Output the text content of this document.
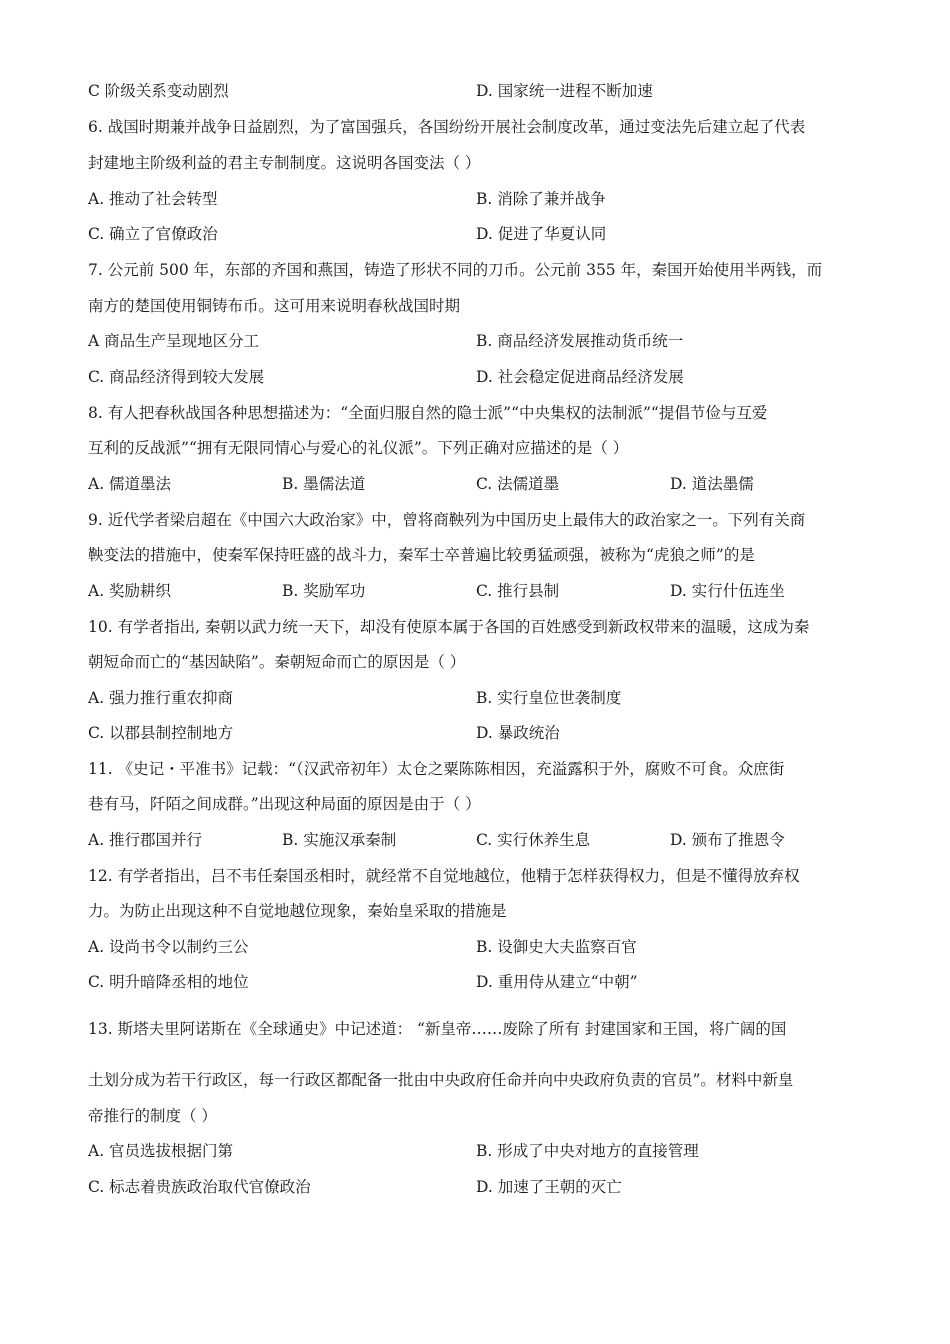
C 阶级关系变动剧烈	D. 国家统一进程不断加速
6. 战国时期兼并战争日益剧烈，为了富国强兵，各国纷纷开展社会制度改革，通过变法先后建立起了代表
封建地主阶级利益的君主专制制度。这说明各国变法（ ）
A. 推动了社会转型	B. 消除了兼并战争
C. 确立了官僚政治	D. 促进了华夏认同
7. 公元前 500 年，东部的齐国和燕国，铸造了形状不同的刀币。公元前 355 年，秦国开始使用半两钱，而
南方的楚国使用铜铸布币。这可用来说明春秋战国时期
A 商品生产呈现地区分工	B. 商品经济发展推动货币统一
C. 商品经济得到较大发展	D. 社会稳定促进商品经济发展
8. 有人把春秋战国各种思想描述为：“全面归服自然的隐士派”“中央集权的法制派”“提倡节俭与互爱
互利的反战派”“拥有无限同情心与爱心的礼仪派”。下列正确对应描述的是（ ）
A. 儒道墨法	B. 墨儒法道	C. 法儒道墨	D. 道法墨儒
9. 近代学者梁启超在《中国六大政治家》中，曾将商鞅列为中国历史上最伟大的政治家之一。下列有关商
鞅变法的措施中，使秦军保持旺盛的战斗力，秦军士卒普遍比较勇猛顽强，被称为“虎狼之师”的是
A. 奖励耕织	B. 奖励军功	C. 推行县制	D. 实行什伍连坐
10. 有学者指出, 秦朝以武力统一天下，却没有使原本属于各国的百姓感受到新政权带来的温暖，这成为秦
朝短命而亡的“基因缺陷”。秦朝短命而亡的原因是（ ）
A. 强力推行重农抑商	B. 实行皇位世袭制度
C. 以郡县制控制地方	D. 暴政统治
11. 《史记・平准书》记载：“（汉武帝初年）太仓之粟陈陈相因，充溢露积于外，腐败不可食。众庶街
巷有马，阡陌之间成群。”出现这种局面的原因是由于（ ）
A. 推行郡国并行	B. 实施汉承秦制	C. 实行休养生息	D. 颁布了推恩令
12. 有学者指出，吕不韦任秦国丞相时，就经常不自觉地越位，他精于怎样获得权力，但是不懂得放弃权
力。为防止出现这种不自觉地越位现象，秦始皇采取的措施是
A. 设尚书令以制约三公	B. 设御史大夫监察百官
C. 明升暗降丞相的地位	D. 重用侍从建立“中朝”
13. 斯塔夫里阿诺斯在《全球通史》中记述道： “新皇帝……废除了所有 封建国家和王国，将广阔的国
土划分成为若干行政区，每一行政区都配备一批由中央政府任命并向中央政府负责的官员”。材料中新皇
帝推行的制度（ ）
A. 官员选拔根据门第	B. 形成了中央对地方的直接管理
C. 标志着贵族政治取代官僚政治	D. 加速了王朝的灭亡
